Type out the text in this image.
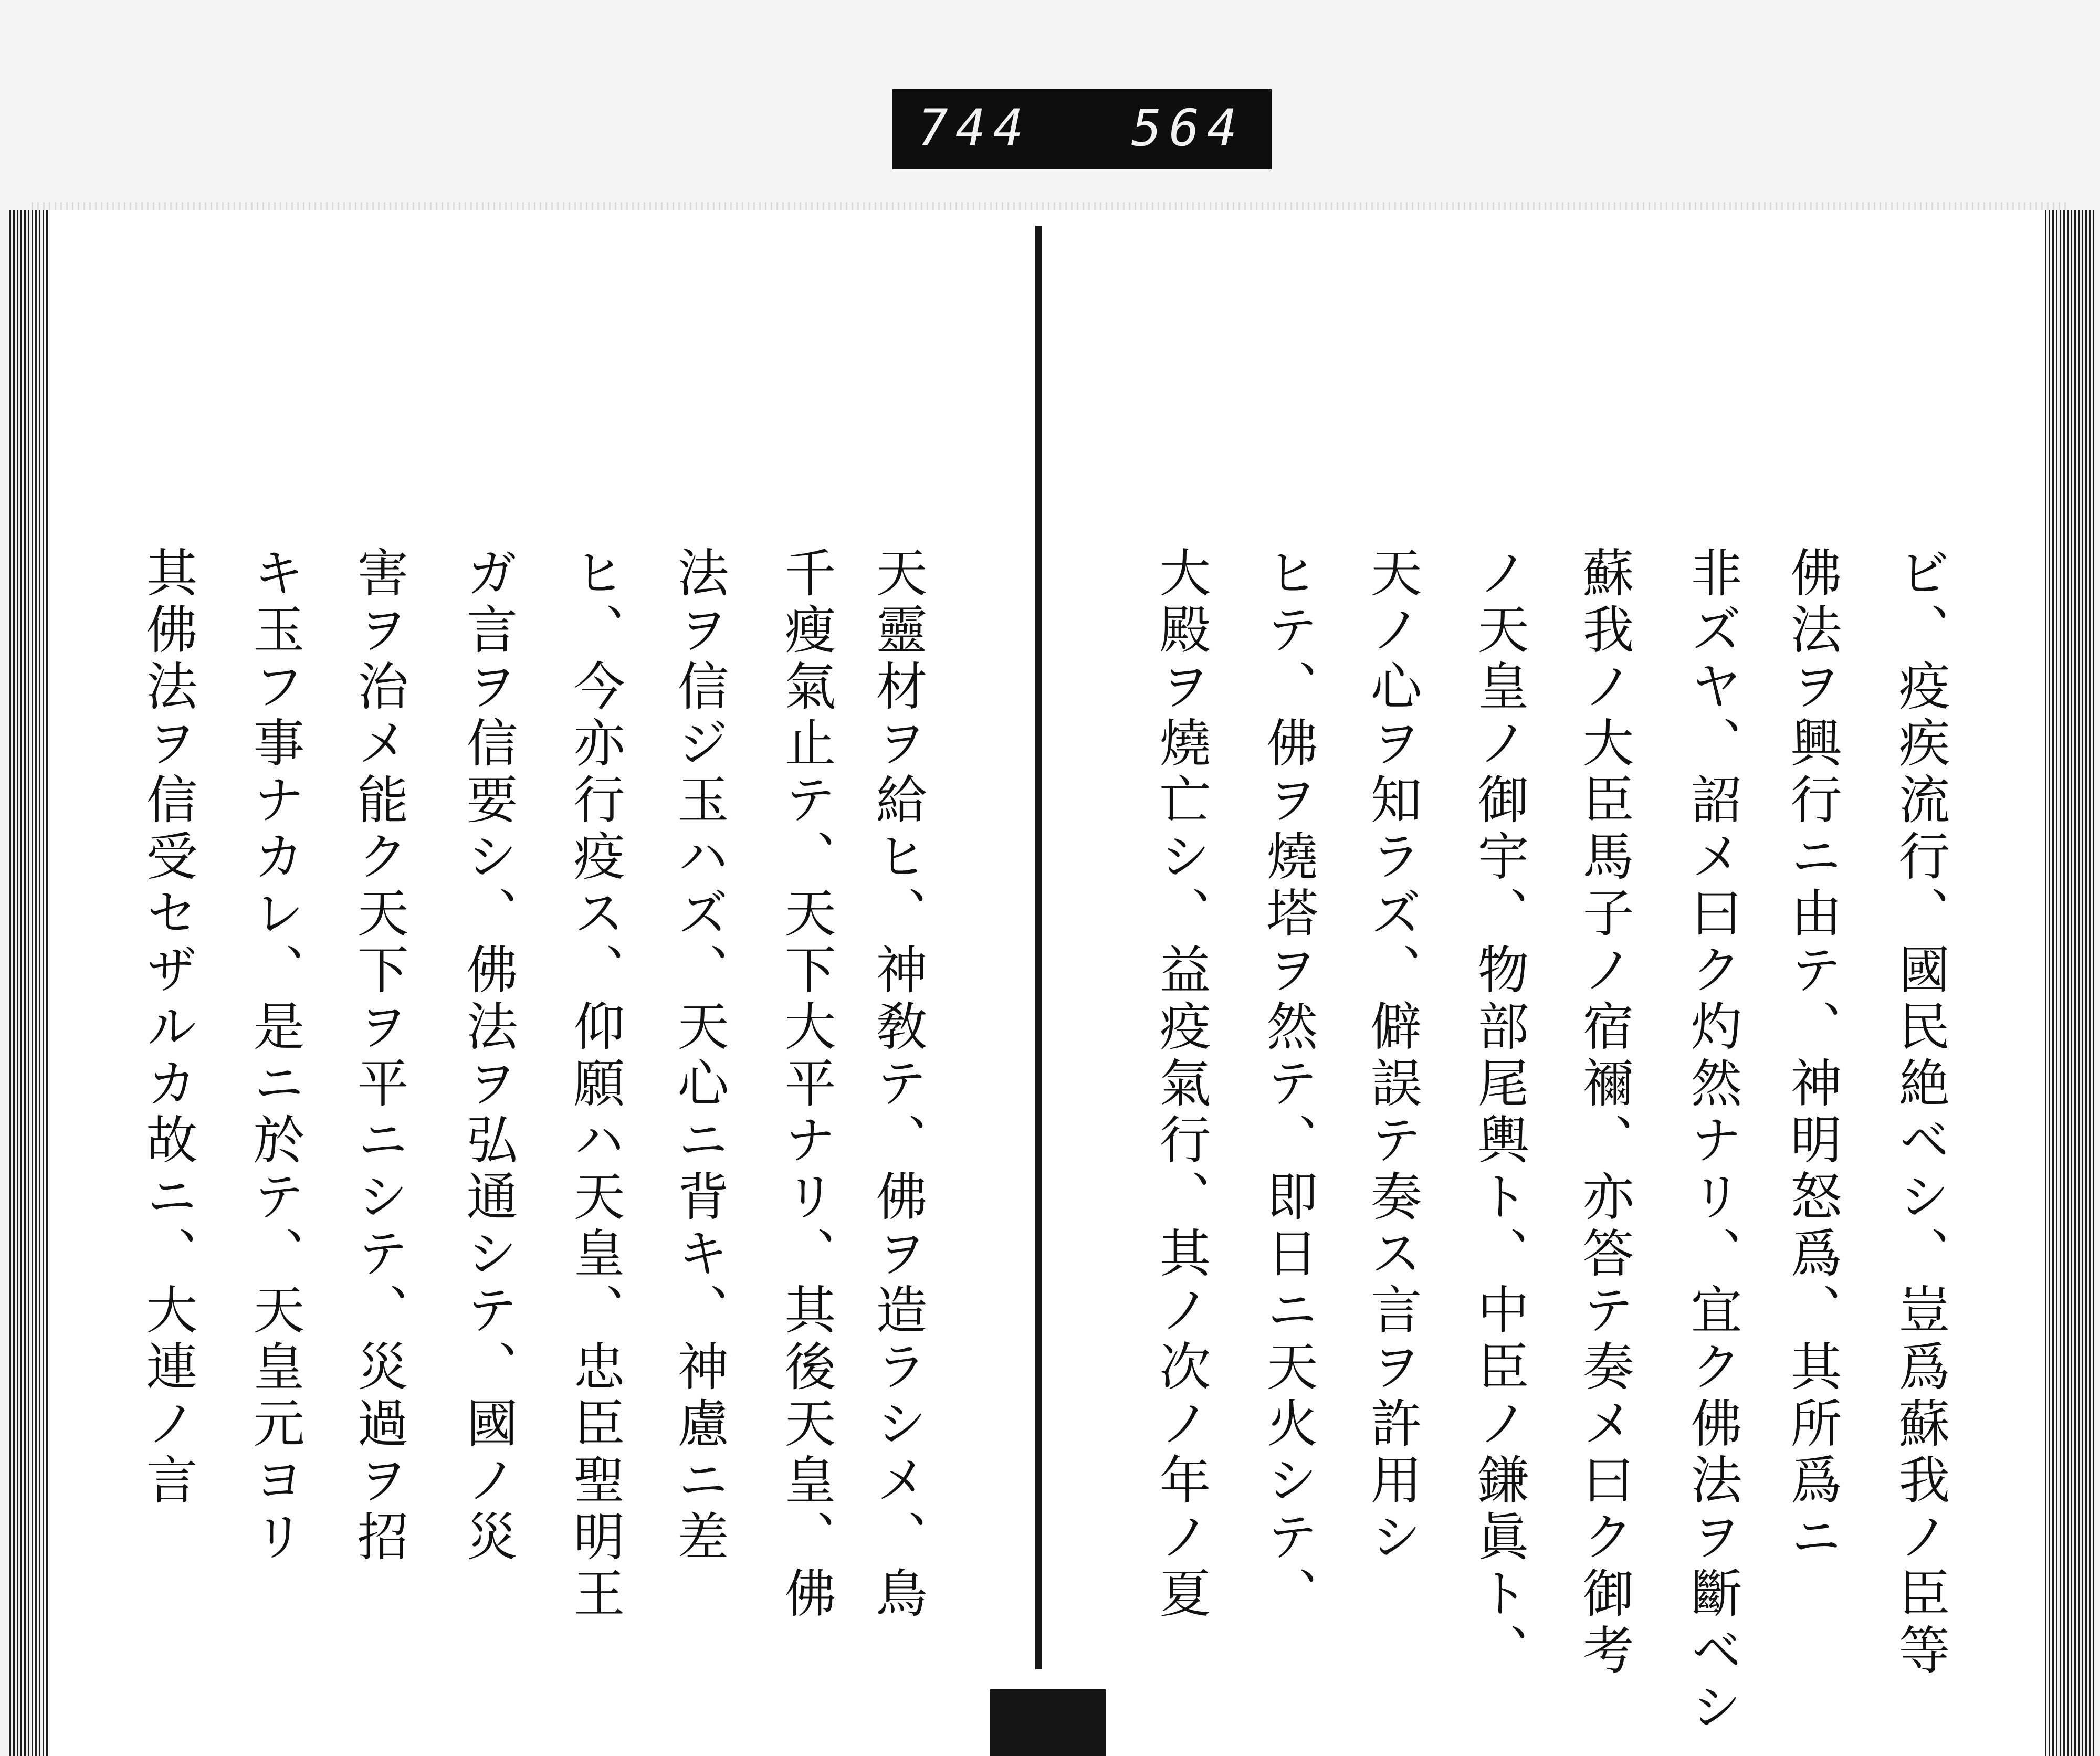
744 564
天靈材ヲ給ヒ、神敎テ、佛ヲ造ラシメ、鳥
千瘦氣止テ、天下大平ナリ、其後天皇、佛
法ヲ信ジ玉ハズ、天心ニ背キ、神慮ニ差
ヒ、今亦行疫ス、仰願ハ天皇、忠臣聖明王
ガ言ヲ信要シ、佛法ヲ弘通シテ、國ノ災
害ヲ治メ能ク天下ヲ平ニシテ、災過ヲ招
キ玉フ事ナカレ、是ニ於テ、天皇元ヨリ
其佛法ヲ信受セザルカ故ニ、大連ノ言	ビ、疫疾流行、國民絶ベシ、豈爲蘇我ノ臣等
佛法ヲ興行ニ由テ、神明怒爲、其所爲ニ
非ズヤ、詔メ曰ク灼然ナリ、宜ク佛法ヲ斷ベシ
蘇我ノ大臣馬子ノ宿禰、亦答テ奏メ曰ク御考
ノ天皇ノ御宇、物部尾輿ト、中臣ノ鎌眞ト、
天ノ心ヲ知ラズ、僻誤テ奏ス言ヲ許用シ
ヒテ、佛ヲ燒塔ヲ然テ、即日ニ天火シテ、
大殿ヲ燒亡シ、益疫氣行、其ノ次ノ年ノ夏
